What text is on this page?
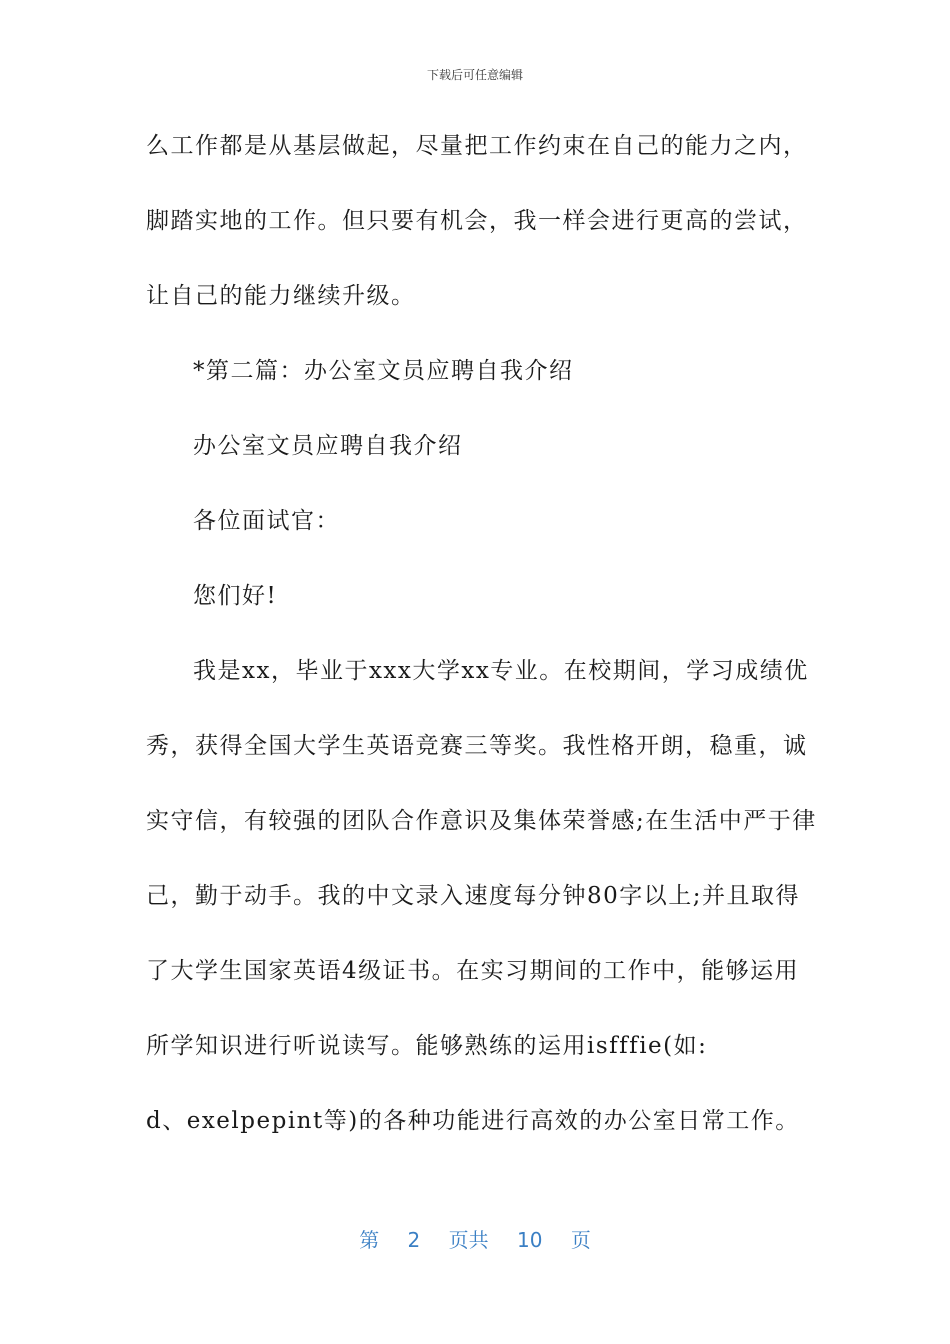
下载后可任意编辑
么工作都是从基层做起，尽量把工作约束在自己的能力之内，
脚踏实地的工作。但只要有机会，我一样会进行更高的尝试，
让自己的能力继续升级。
*第二篇：办公室文员应聘自我介绍
办公室文员应聘自我介绍
各位面试官：
您们好!
我是xx，毕业于xxx大学xx专业。在校期间，学习成绩优
秀，获得全国大学生英语竞赛三等奖。我性格开朗，稳重，诚
实守信，有较强的团队合作意识及集体荣誉感;在生活中严于律
己，勤于动手。我的中文录入速度每分钟80字以上;并且取得
了大学生国家英语4级证书。在实习期间的工作中，能够运用
所学知识进行听说读写。能够熟练的运用isfffie(如:
d、exelpepint等)的各种功能进行高效的办公室日常工作。
第 2 页共 10 页
